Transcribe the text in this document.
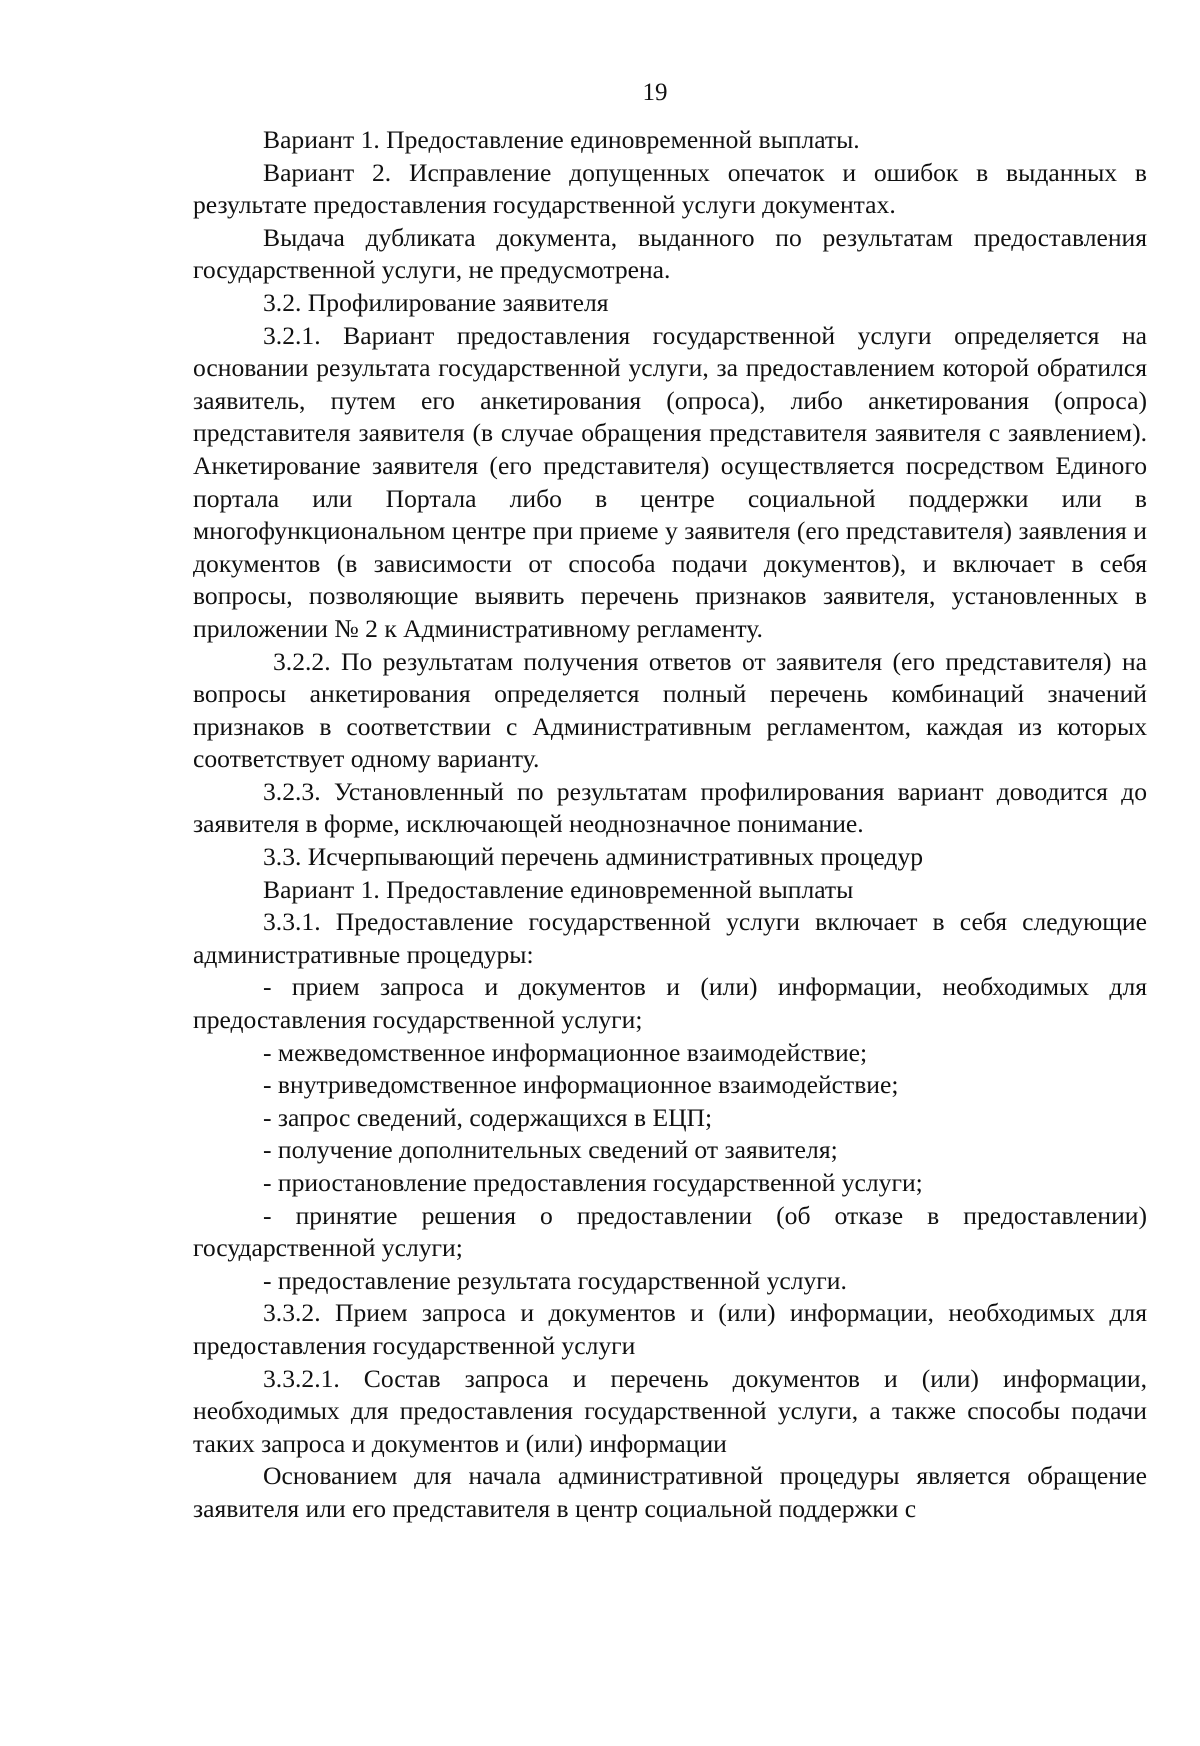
19

Вариант 1. Предоставление единовременной выплаты.

Вариант 2. Исправление допущенных опечаток и ошибок в выданных в результате предоставления государственной услуги документах.

Выдача дубликата документа, выданного по результатам предоставления государственной услуги, не предусмотрена.

3.2. Профилирование заявителя

3.2.1. Вариант предоставления государственной услуги определяется на основании результата государственной услуги, за предоставлением которой обратился заявитель, путем его анкетирования (опроса), либо анкетирования (опроса) представителя заявителя (в случае обращения представителя заявителя с заявлением). Анкетирование заявителя (его представителя) осуществляется посредством Единого портала или Портала либо в центре социальной поддержки или в многофункциональном центре при приеме у заявителя (его представителя) заявления и документов (в зависимости от способа подачи документов), и включает в себя вопросы, позволяющие выявить перечень признаков заявителя, установленных в приложении № 2 к Административному регламенту.

3.2.2. По результатам получения ответов от заявителя (его представителя) на вопросы анкетирования определяется полный перечень комбинаций значений признаков в соответствии с Административным регламентом, каждая из которых соответствует одному варианту.

3.2.3. Установленный по результатам профилирования вариант доводится до заявителя в форме, исключающей неоднозначное понимание.

3.3. Исчерпывающий перечень административных процедур

Вариант 1. Предоставление единовременной выплаты

3.3.1. Предоставление государственной услуги включает в себя следующие административные процедуры:

- прием запроса и документов и (или) информации, необходимых для предоставления государственной услуги;

- межведомственное информационное взаимодействие;

- внутриведомственное информационное взаимодействие;

- запрос сведений, содержащихся в ЕЦП;

- получение дополнительных сведений от заявителя;

- приостановление предоставления государственной услуги;

- принятие решения о предоставлении (об отказе в предоставлении) государственной услуги;

- предоставление результата государственной услуги.

3.3.2. Прием запроса и документов и (или) информации, необходимых для предоставления государственной услуги

3.3.2.1. Состав запроса и перечень документов и (или) информации, необходимых для предоставления государственной услуги, а также способы подачи таких запроса и документов и (или) информации

Основанием для начала административной процедуры является обращение заявителя или его представителя в центр социальной поддержки с
